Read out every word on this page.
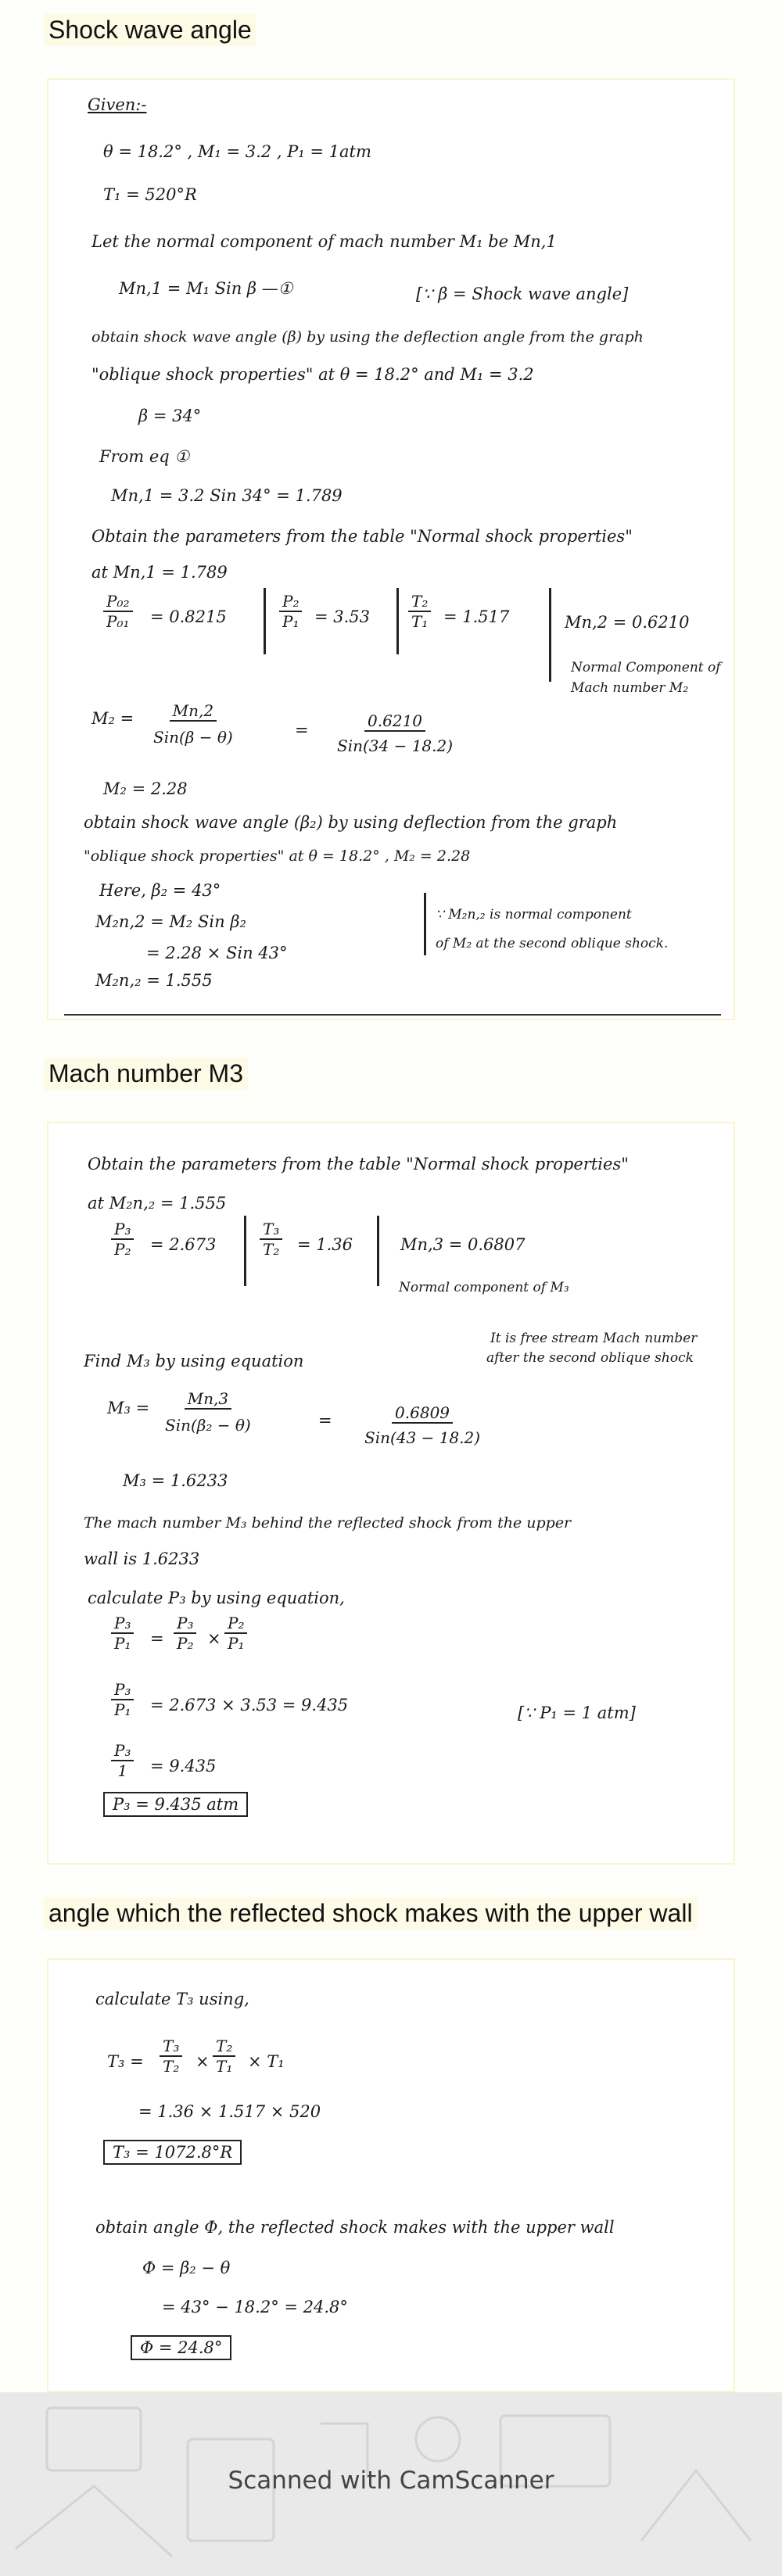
Shock wave angle
Given:-
θ = 18.2° , M₁ = 3.2 , P₁ = 1atm
T₁ = 520°R
Let the normal component of mach number M₁ be Mn,1
Mn,1 = M₁ Sin β —①	[∵ β = Shock wave angle]
obtain shock wave angle (β) by using the deflection angle from the graph
"oblique shock properties" at θ = 18.2° and M₁ = 3.2
β = 34°
From eq ①
Mn,1 = 3.2 Sin 34° = 1.789
Obtain the parameters from the table "Normal shock properties"
at Mn,1 = 1.789
$\frac{\text{P₀₂}}{\text{P₀₁}} = 0.8215$	$\frac{\text{P₂}}{\text{P₁}} = 3.53 \frac{\text{T₂}}{\text{T₁}} = 1.517$	Mn,2 = 0.6210
Normal Component of
Mach number M₂
M₂ = Mn,2
Sin(β − θ)	=	0.6210
Sin(34 − 18.2)
M₂ = 2.28
obtain shock wave angle (β₂) by using deflection from the graph
"oblique shock properties" at θ = 18.2° , M₂ = 2.28
Here, β₂ = 43°
M₂n,2 = M₂ Sin β₂
= 2.28 × Sin 43°
M₂n,₂ = 1.555
∵ M₂n,₂ is normal component
of M₂ at the second oblique shock.
Mach number M3
Obtain the parameters from the table "Normal shock properties"
at M₂n,₂ = 1.555
$\frac{\text{P₃}}{\text{P₂}} = 2.673$	$\frac{\text{T₃}}{\text{T₂}} = 1.36$	Mn,3 = 0.6807
Normal component of M₃
It is free stream Mach number
after the second oblique shock
Find M₃ by using equation
M₃ = Mn,3
Sin(β₂ − θ)	=	0.6809
Sin(43 − 18.2)
M₃ = 1.6233
The mach number M₃ behind the reflected shock from the upper
wall is 1.6233
calculate P₃ by using equation,
$\frac{\text{P₃}}{\text{P₁}} = \frac{\text{P₃}}{\text{P₂}} \times \frac{\text{P₂}}{\text{P₁}}$
$\frac{\text{P₃}}{\text{P₁}} = 2.673 \times 3.53 = 9.435$	[∵ P₁ = 1 atm]
$\frac{\text{P₃}}{1} = 9.435$
P₃ = 9.435 atm
angle which the reflected shock makes with the upper wall
calculate T₃ using,
$T_3 = \frac{\text{T₃}}{\text{T₂}} \times \frac{\text{T₂}}{\text{T₁}} \times T_1$
= 1.36 × 1.517 × 520
T₃ = 1072.8°R
obtain angle Φ, the reflected shock makes with the upper wall
Φ = β₂ − θ
= 43° − 18.2° = 24.8°
Φ = 24.8°
Scanned with CamScanner
